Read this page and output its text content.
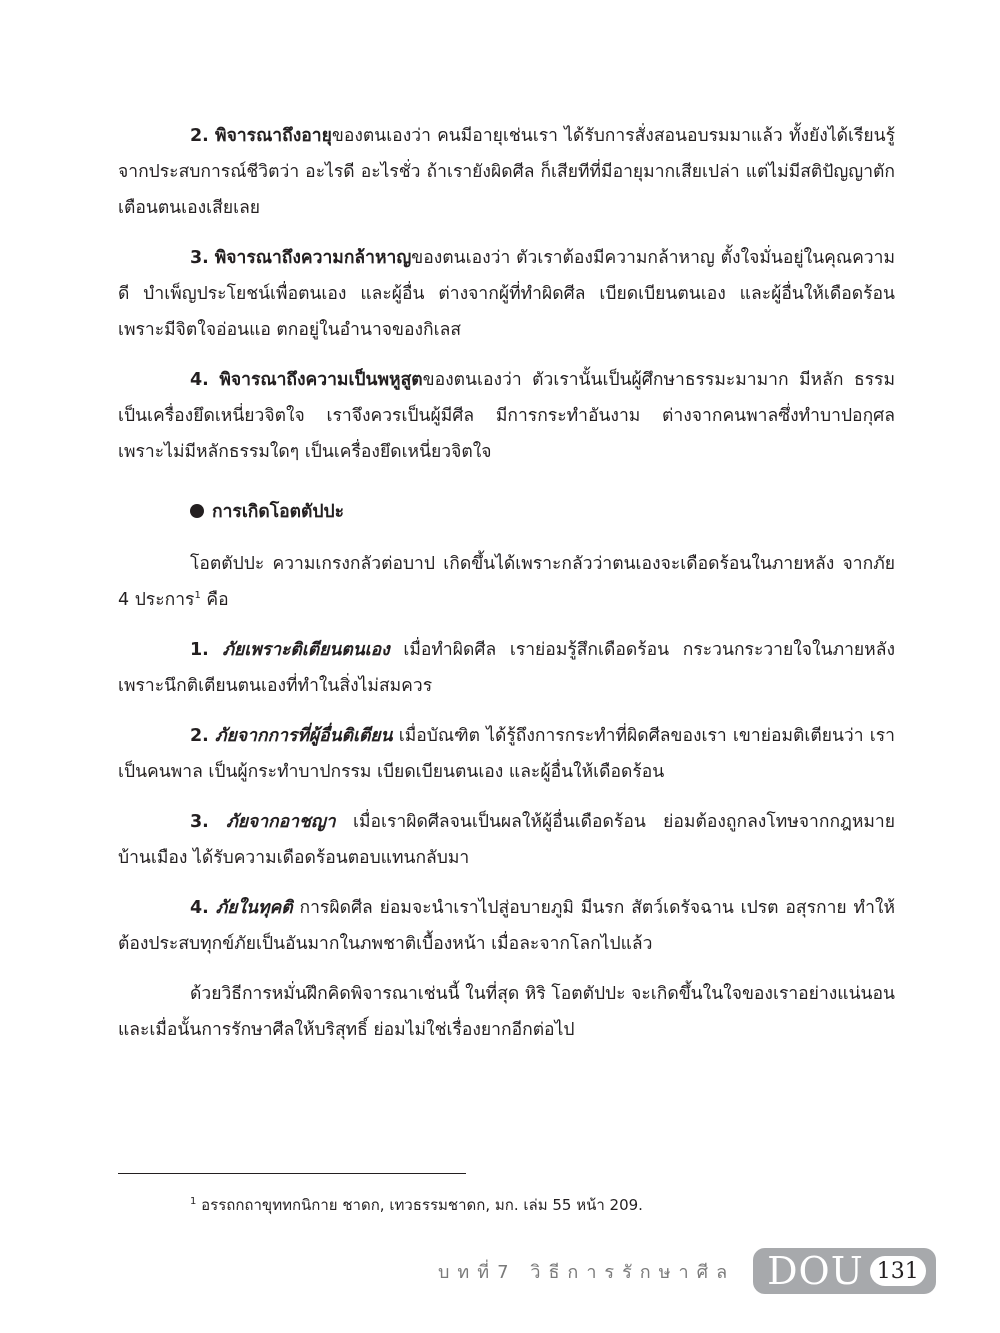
2. พิจารณาถึงอายุของตนเองว่า คนมีอายุเช่นเรา ได้รับการสั่งสอนอบรมมาแล้ว ทั้งยังได้เรียนรู้จากประสบการณ์ชีวิตว่า อะไรดี อะไรชั่ว ถ้าเรายังผิดศีล ก็เสียทีที่มีอายุมากเสียเปล่า แต่ไม่มีสติปัญญาตักเตือนตนเองเสียเลย

3. พิจารณาถึงความกล้าหาญของตนเองว่า ตัวเราต้องมีความกล้าหาญ ตั้งใจมั่นอยู่ในคุณความดี บำเพ็ญประโยชน์เพื่อตนเอง และผู้อื่น ต่างจากผู้ที่ทำผิดศีล เบียดเบียนตนเอง และผู้อื่นให้เดือดร้อน เพราะมีจิตใจอ่อนแอ ตกอยู่ในอำนาจของกิเลส

4. พิจารณาถึงความเป็นพหูสูตของตนเองว่า ตัวเรานั้นเป็นผู้ศึกษาธรรมะมามาก มีหลัก ธรรม เป็นเครื่องยึดเหนี่ยวจิตใจ เราจึงควรเป็นผู้มีศีล มีการกระทำอันงาม ต่างจากคนพาลซึ่งทำบาปอกุศล เพราะไม่มีหลักธรรมใดๆ เป็นเครื่องยึดเหนี่ยวจิตใจ

การเกิดโอตตัปปะ

โอตตัปปะ ความเกรงกลัวต่อบาป เกิดขึ้นได้เพราะกลัวว่าตนเองจะเดือดร้อนในภายหลัง จากภัย 4 ประการ$^1$ คือ

1. ภัยเพราะติเตียนตนเอง เมื่อทำผิดศีล เราย่อมรู้สึกเดือดร้อน กระวนกระวายใจในภายหลัง เพราะนึกติเตียนตนเองที่ทำในสิ่งไม่สมควร

2. ภัยจากการที่ผู้อื่นติเตียน เมื่อบัณฑิต ได้รู้ถึงการกระทำที่ผิดศีลของเรา เขาย่อมติเตียนว่า เราเป็นคนพาล เป็นผู้กระทำบาปกรรม เบียดเบียนตนเอง และผู้อื่นให้เดือดร้อน

3. ภัยจากอาชญา เมื่อเราผิดศีลจนเป็นผลให้ผู้อื่นเดือดร้อน ย่อมต้องถูกลงโทษจากกฎหมาย บ้านเมือง ได้รับความเดือดร้อนตอบแทนกลับมา

4. ภัยในทุคติ การผิดศีล ย่อมจะนำเราไปสู่อบายภูมิ มีนรก สัตว์เดรัจฉาน เปรต อสุรกาย ทำให้ต้องประสบทุกข์ภัยเป็นอันมากในภพชาติเบื้องหน้า เมื่อละจากโลกไปแล้ว

ด้วยวิธีการหมั่นฝึกคิดพิจารณาเช่นนี้ ในที่สุด หิริ โอตตัปปะ จะเกิดขึ้นในใจของเราอย่างแน่นอน และเมื่อนั้นการรักษาศีลให้บริสุทธิ์ ย่อมไม่ใช่เรื่องยากอีกต่อไป

$^1$ อรรถกถาขุททกนิกาย ชาดก, เทวธรรมชาดก, มก. เล่ม 55 หน้า 209.
บทที่7 วิธีการรักษาศีล DOU 131
